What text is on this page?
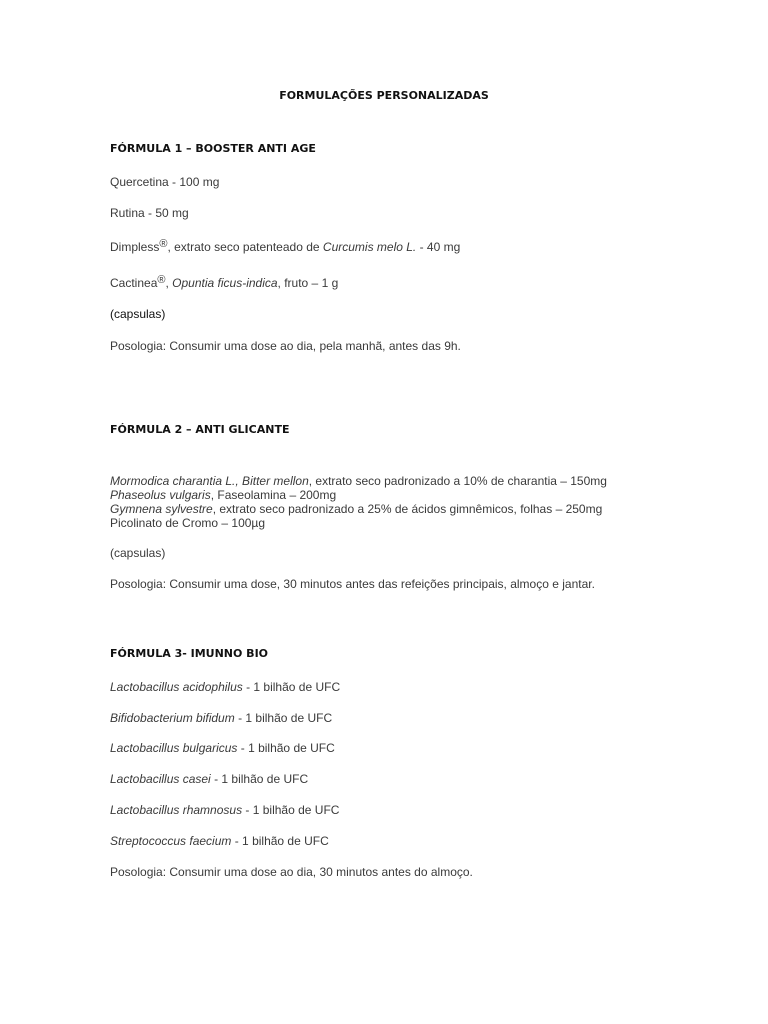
FORMULAÇÕES PERSONALIZADAS
FÓRMULA 1 – BOOSTER ANTI AGE
Quercetina - 100 mg
Rutina - 50 mg
Dimpless®, extrato seco patenteado de Curcumis melo L. - 40 mg
Cactinea®, Opuntia ficus-indica, fruto – 1 g
(capsulas)
Posologia: Consumir uma dose ao dia, pela manhã, antes das 9h.
FÓRMULA 2 – ANTI GLICANTE
Mormodica charantia L., Bitter mellon, extrato seco padronizado a 10% de charantia – 150mg
Phaseolus vulgaris, Faseolamina – 200mg
Gymnena sylvestre, extrato seco padronizado a 25% de ácidos gimnêmicos, folhas – 250mg
Picolinato de Cromo – 100µg
(capsulas)
Posologia: Consumir uma dose, 30 minutos antes das refeições principais, almoço e jantar.
FÓRMULA 3- IMUNNO BIO
Lactobacillus acidophilus - 1 bilhão de UFC
Bifidobacterium bifidum - 1 bilhão de UFC
Lactobacillus bulgaricus - 1 bilhão de UFC
Lactobacillus casei - 1 bilhão de UFC
Lactobacillus rhamnosus - 1 bilhão de UFC
Streptococcus faecium - 1 bilhão de UFC
Posologia: Consumir uma dose ao dia, 30 minutos antes do almoço.
